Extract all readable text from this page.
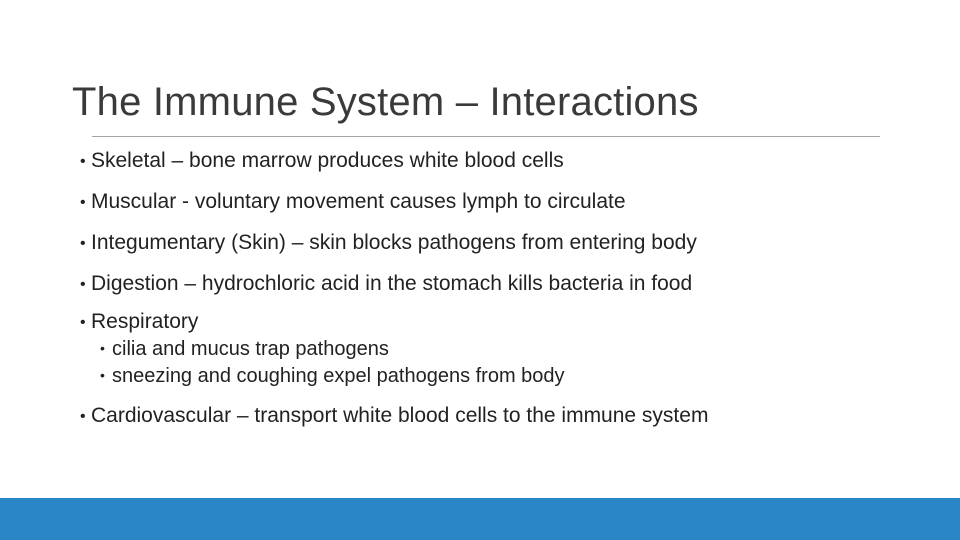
The Immune System – Interactions
• Skeletal – bone marrow produces white blood cells
• Muscular - voluntary movement causes lymph to circulate
• Integumentary (Skin) – skin blocks pathogens from entering body
• Digestion – hydrochloric acid in the stomach kills bacteria in food
• Respiratory
• cilia and mucus trap pathogens
• sneezing and coughing expel pathogens from body
• Cardiovascular – transport white blood cells to the immune system
